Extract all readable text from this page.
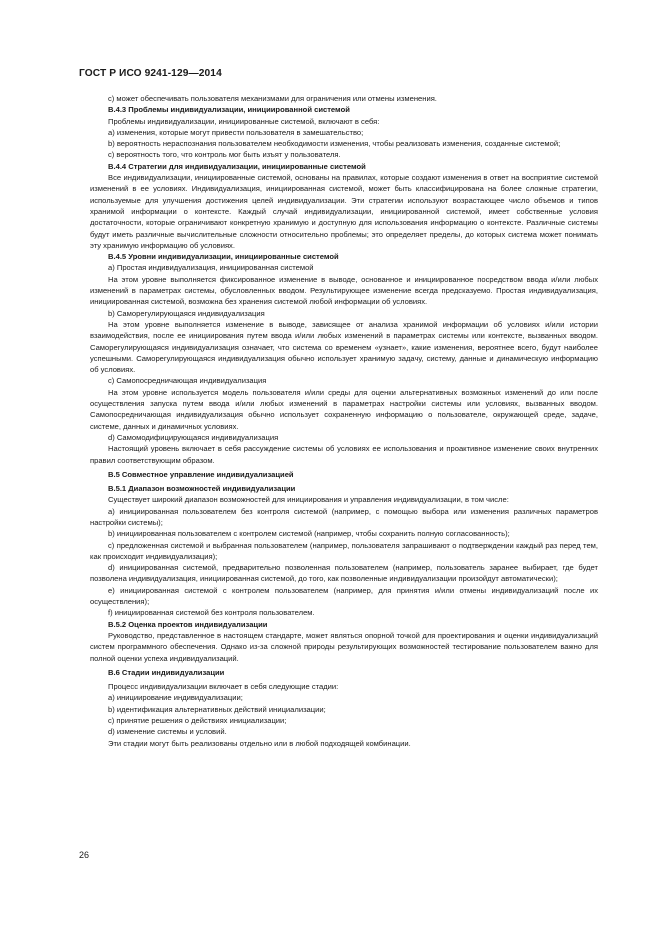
ГОСТ Р ИСО 9241-129—2014

c) может обеспечивать пользователя механизмами для ограничения или отмены изменения.

B.4.3 Проблемы индивидуализации, инициированной системой

Проблемы индивидуализации, инициированные системой, включают в себя:

a) изменения, которые могут привести пользователя в замешательство;

b) вероятность нераспознания пользователем необходимости изменения, чтобы реализовать изменения, созданные системой;

c) вероятность того, что контроль мог быть изъят у пользователя.

B.4.4 Стратегии для индивидуализации, инициированные системой

Все индивидуализации, инициированные системой, основаны на правилах, которые создают изменения в ответ на восприятие системой изменений в ее условиях. Индивидуализация, инициированная системой, может быть классифицирована на более сложные стратегии, используемые для улучшения достижения целей индивидуализации. Эти стратегии используют возрастающее число объемов и типов хранимой информации о контексте. Каждый случай индивидуализации, инициированной системой, имеет собственные условия достаточности, которые ограничивают конкретную хранимую и доступную для использования информацию о контексте. Различные системы будут иметь различные вычислительные сложности относительно проблемы; это определяет пределы, до которых система может понимать эту хранимую информацию об условиях.

B.4.5 Уровни индивидуализации, инициированные системой

a) Простая индивидуализация, инициированная системой

На этом уровне выполняется фиксированное изменение в выводе, основанное и инициированное посредством ввода и/или любых изменений в параметрах системы, обусловленных вводом. Результирующее изменение всегда предсказуемо. Простая индивидуализация, инициированная системой, возможна без хранения системой любой информации об условиях.

b) Саморегулирующаяся индивидуализация

На этом уровне выполняется изменение в выводе, зависящее от анализа хранимой информации об условиях и/или истории взаимодействия, после ее инициирования путем ввода и/или любых изменений в параметрах системы или контексте, вызванных вводом. Саморегулирующаяся индивидуализация означает, что система со временем «узнает», какие изменения, вероятнее всего, будут наиболее успешными. Саморегулирующаяся индивидуализация обычно использует хранимую задачу, систему, данные и динамическую информацию об условиях.

c) Самопосредничающая индивидуализация

На этом уровне используется модель пользователя и/или среды для оценки альтернативных возможных изменений до или после осуществления запуска путем ввода и/или любых изменений в параметрах настройки системы или условиях, вызванных вводом. Самопосредничающая индивидуализация обычно использует сохраненную информацию о пользователе, окружающей среде, задаче, системе, данных и динамичных условиях.

d) Самомодифицирующаяся индивидуализация

Настоящий уровень включает в себя рассуждение системы об условиях ее использования и проактивное изменение своих внутренних правил соответствующим образом.

B.5 Совместное управление индивидуализацией

B.5.1 Диапазон возможностей индивидуализации

Существует широкий диапазон возможностей для инициирования и управления индивидуализации, в том числе:

a) инициированная пользователем без контроля системой (например, с помощью выбора или изменения различных параметров настройки системы);

b) инициированная пользователем с контролем системой (например, чтобы сохранить полную согласованность);

c) предложенная системой и выбранная пользователем (например, пользователя запрашивают о подтверждении каждый раз перед тем, как происходит индивидуализация);

d) инициированная системой, предварительно позволенная пользователем (например, пользователь заранее выбирает, где будет позволена индивидуализация, инициированная системой, до того, как позволенные индивидуализации произойдут автоматически);

e) инициированная системой с контролем пользователем (например, для принятия и/или отмены индивидуализаций после их осуществления);

f) инициированная системой без контроля пользователем.

B.5.2 Оценка проектов индивидуализации

Руководство, представленное в настоящем стандарте, может являться опорной точкой для проектирования и оценки индивидуализаций систем программного обеспечения. Однако из-за сложной природы результирующих возможностей тестирование пользователем важно для полной оценки успеха индивидуализаций.

B.6 Стадии индивидуализации

Процесс индивидуализации включает в себя следующие стадии:

a) инициирование индивидуализации;

b) идентификация альтернативных действий инициализации;

c) принятие решения о действиях инициализации;

d) изменение системы и условий.

Эти стадии могут быть реализованы отдельно или в любой подходящей комбинации.

26
